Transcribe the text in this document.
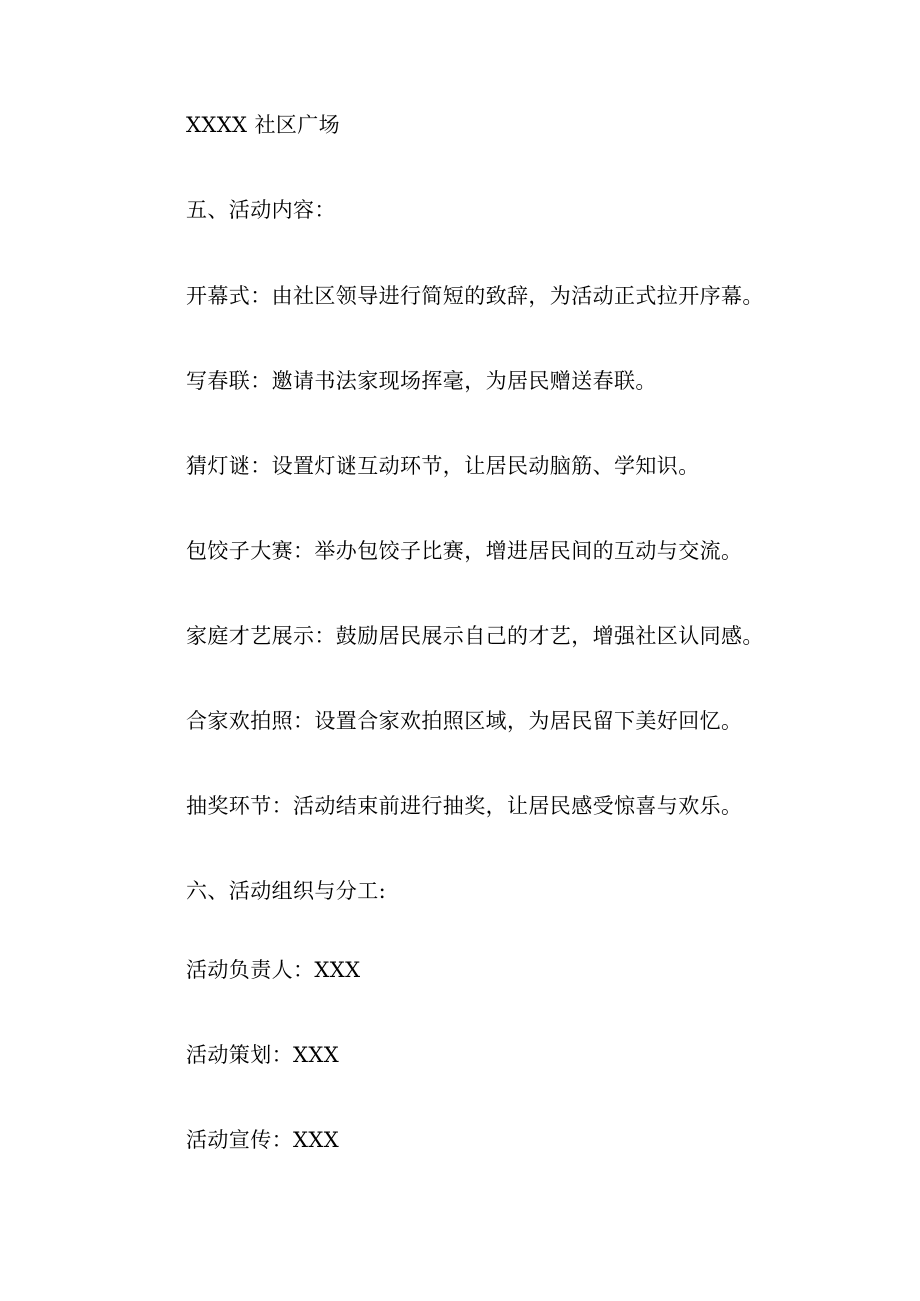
XXXX 社区广场
五、活动内容：
开幕式：由社区领导进行简短的致辞，为活动正式拉开序幕。
写春联：邀请书法家现场挥毫，为居民赠送春联。
猜灯谜：设置灯谜互动环节，让居民动脑筋、学知识。
包饺子大赛：举办包饺子比赛，增进居民间的互动与交流。
家庭才艺展示：鼓励居民展示自己的才艺，增强社区认同感。
合家欢拍照：设置合家欢拍照区域，为居民留下美好回忆。
抽奖环节：活动结束前进行抽奖，让居民感受惊喜与欢乐。
六、活动组织与分工:
活动负责人：XXX
活动策划：XXX
活动宣传：XXX
